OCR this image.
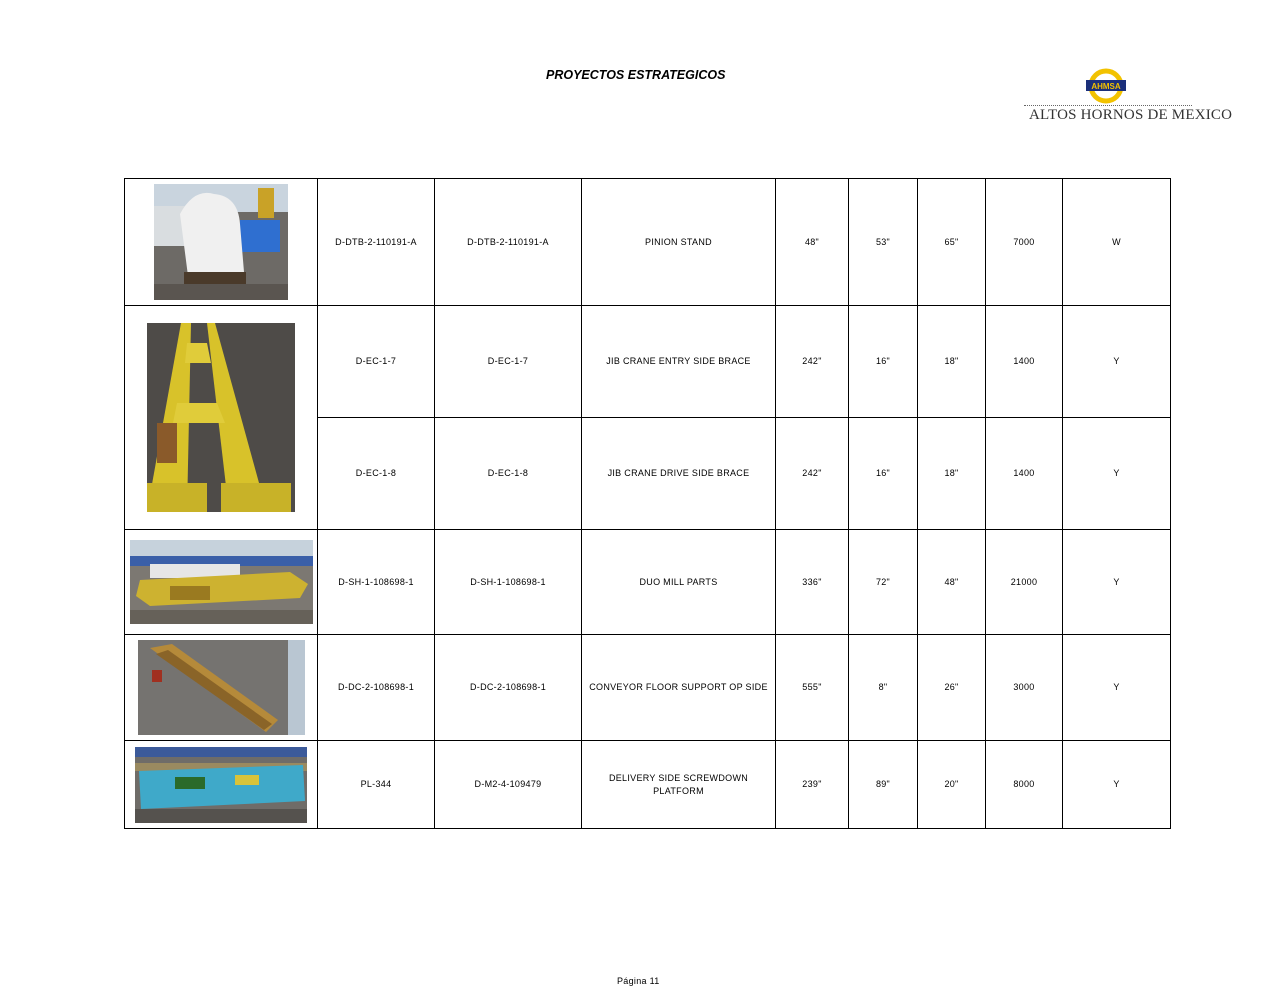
PROYECTOS ESTRATEGICOS
AHMSA
ALTOS HORNOS DE MEXICO
	D-DTB-2-110191-A	D-DTB-2-110191-A	PINION STAND	48"	53"	65"	7000	W

	D-EC-1-7	D-EC-1-7	JIB CRANE ENTRY SIDE BRACE	242"	16"	18"	1400	Y
	D-EC-1-8	D-EC-1-8	JIB CRANE DRIVE SIDE BRACE	242"	16"	18"	1400	Y

	D-SH-1-108698-1	D-SH-1-108698-1	DUO MILL PARTS	336"	72"	48"	21000	Y

	D-DC-2-108698-1	D-DC-2-108698-1	CONVEYOR FLOOR SUPPORT OP SIDE	555"	8"	26"	3000	Y

	PL-344	D-M2-4-109479	DELIVERY SIDE SCREWDOWN PLATFORM	239"	89"	20"	8000	Y
Página 11
